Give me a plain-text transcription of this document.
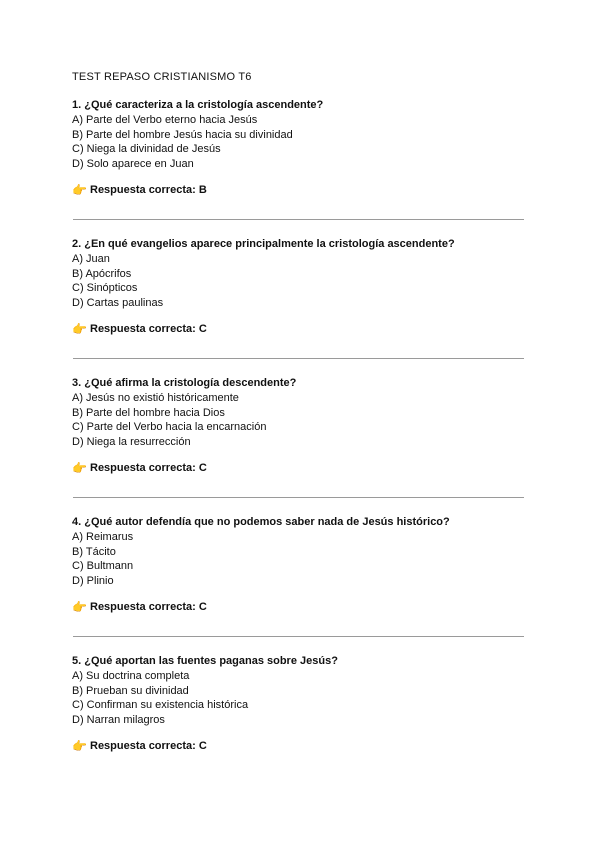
TEST REPASO CRISTIANISMO T6

1. ¿Qué caracteriza a la cristología ascendente?

A) Parte del Verbo eterno hacia Jesús
B) Parte del hombre Jesús hacia su divinidad
C) Niega la divinidad de Jesús
D) Solo aparece en Juan
👉 Respuesta correcta: B

2. ¿En qué evangelios aparece principalmente la cristología ascendente?

A) Juan
B) Apócrifos
C) Sinópticos
D) Cartas paulinas
👉 Respuesta correcta: C

3. ¿Qué afirma la cristología descendente?

A) Jesús no existió históricamente
B) Parte del hombre hacia Dios
C) Parte del Verbo hacia la encarnación
D) Niega la resurrección
👉 Respuesta correcta: C

4. ¿Qué autor defendía que no podemos saber nada de Jesús histórico?

A) Reimarus
B) Tácito
C) Bultmann
D) Plinio
👉 Respuesta correcta: C

5. ¿Qué aportan las fuentes paganas sobre Jesús?

A) Su doctrina completa
B) Prueban su divinidad
C) Confirman su existencia histórica
D) Narran milagros
👉 Respuesta correcta: C
